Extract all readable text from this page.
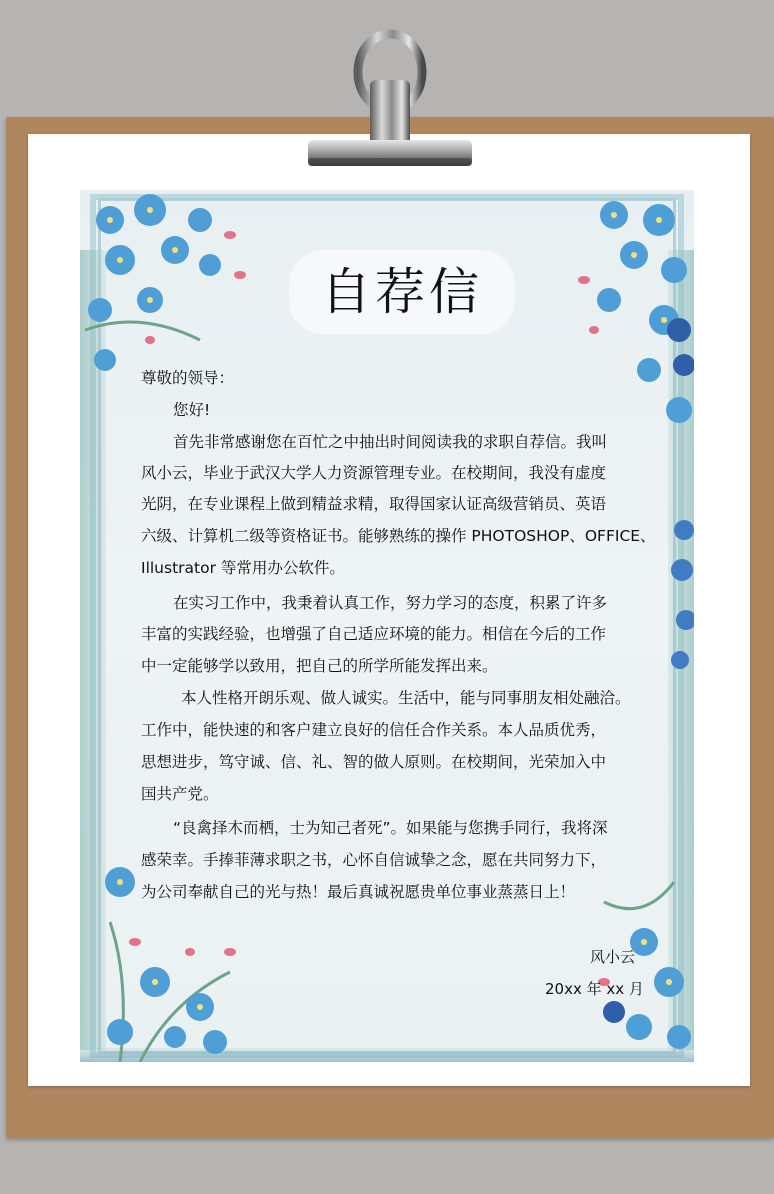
自荐信
尊敬的领导：
您好!
首先非常感谢您在百忙之中抽出时间阅读我的求职自荐信。我叫
风小云，毕业于武汉大学人力资源管理专业。在校期间，我没有虚度
光阴，在专业课程上做到精益求精，取得国家认证高级营销员、英语
六级、计算机二级等资格证书。能够熟练的操作 PHOTOSHOP、OFFICE、
Illustrator 等常用办公软件。
在实习工作中，我秉着认真工作，努力学习的态度，积累了许多
丰富的实践经验，也增强了自己适应环境的能力。相信在今后的工作
中一定能够学以致用，把自己的所学所能发挥出来。
本人性格开朗乐观、做人诚实。生活中，能与同事朋友相处融洽。
工作中，能快速的和客户建立良好的信任合作关系。本人品质优秀，
思想进步，笃守诚、信、礼、智的做人原则。在校期间，光荣加入中
国共产党。
“良禽择木而栖，士为知己者死”。如果能与您携手同行，我将深
感荣幸。手捧菲薄求职之书，心怀自信诚挚之念，愿在共同努力下，
为公司奉献自己的光与热！最后真诚祝愿贵单位事业蒸蒸日上！
风小云
20xx 年 xx 月
